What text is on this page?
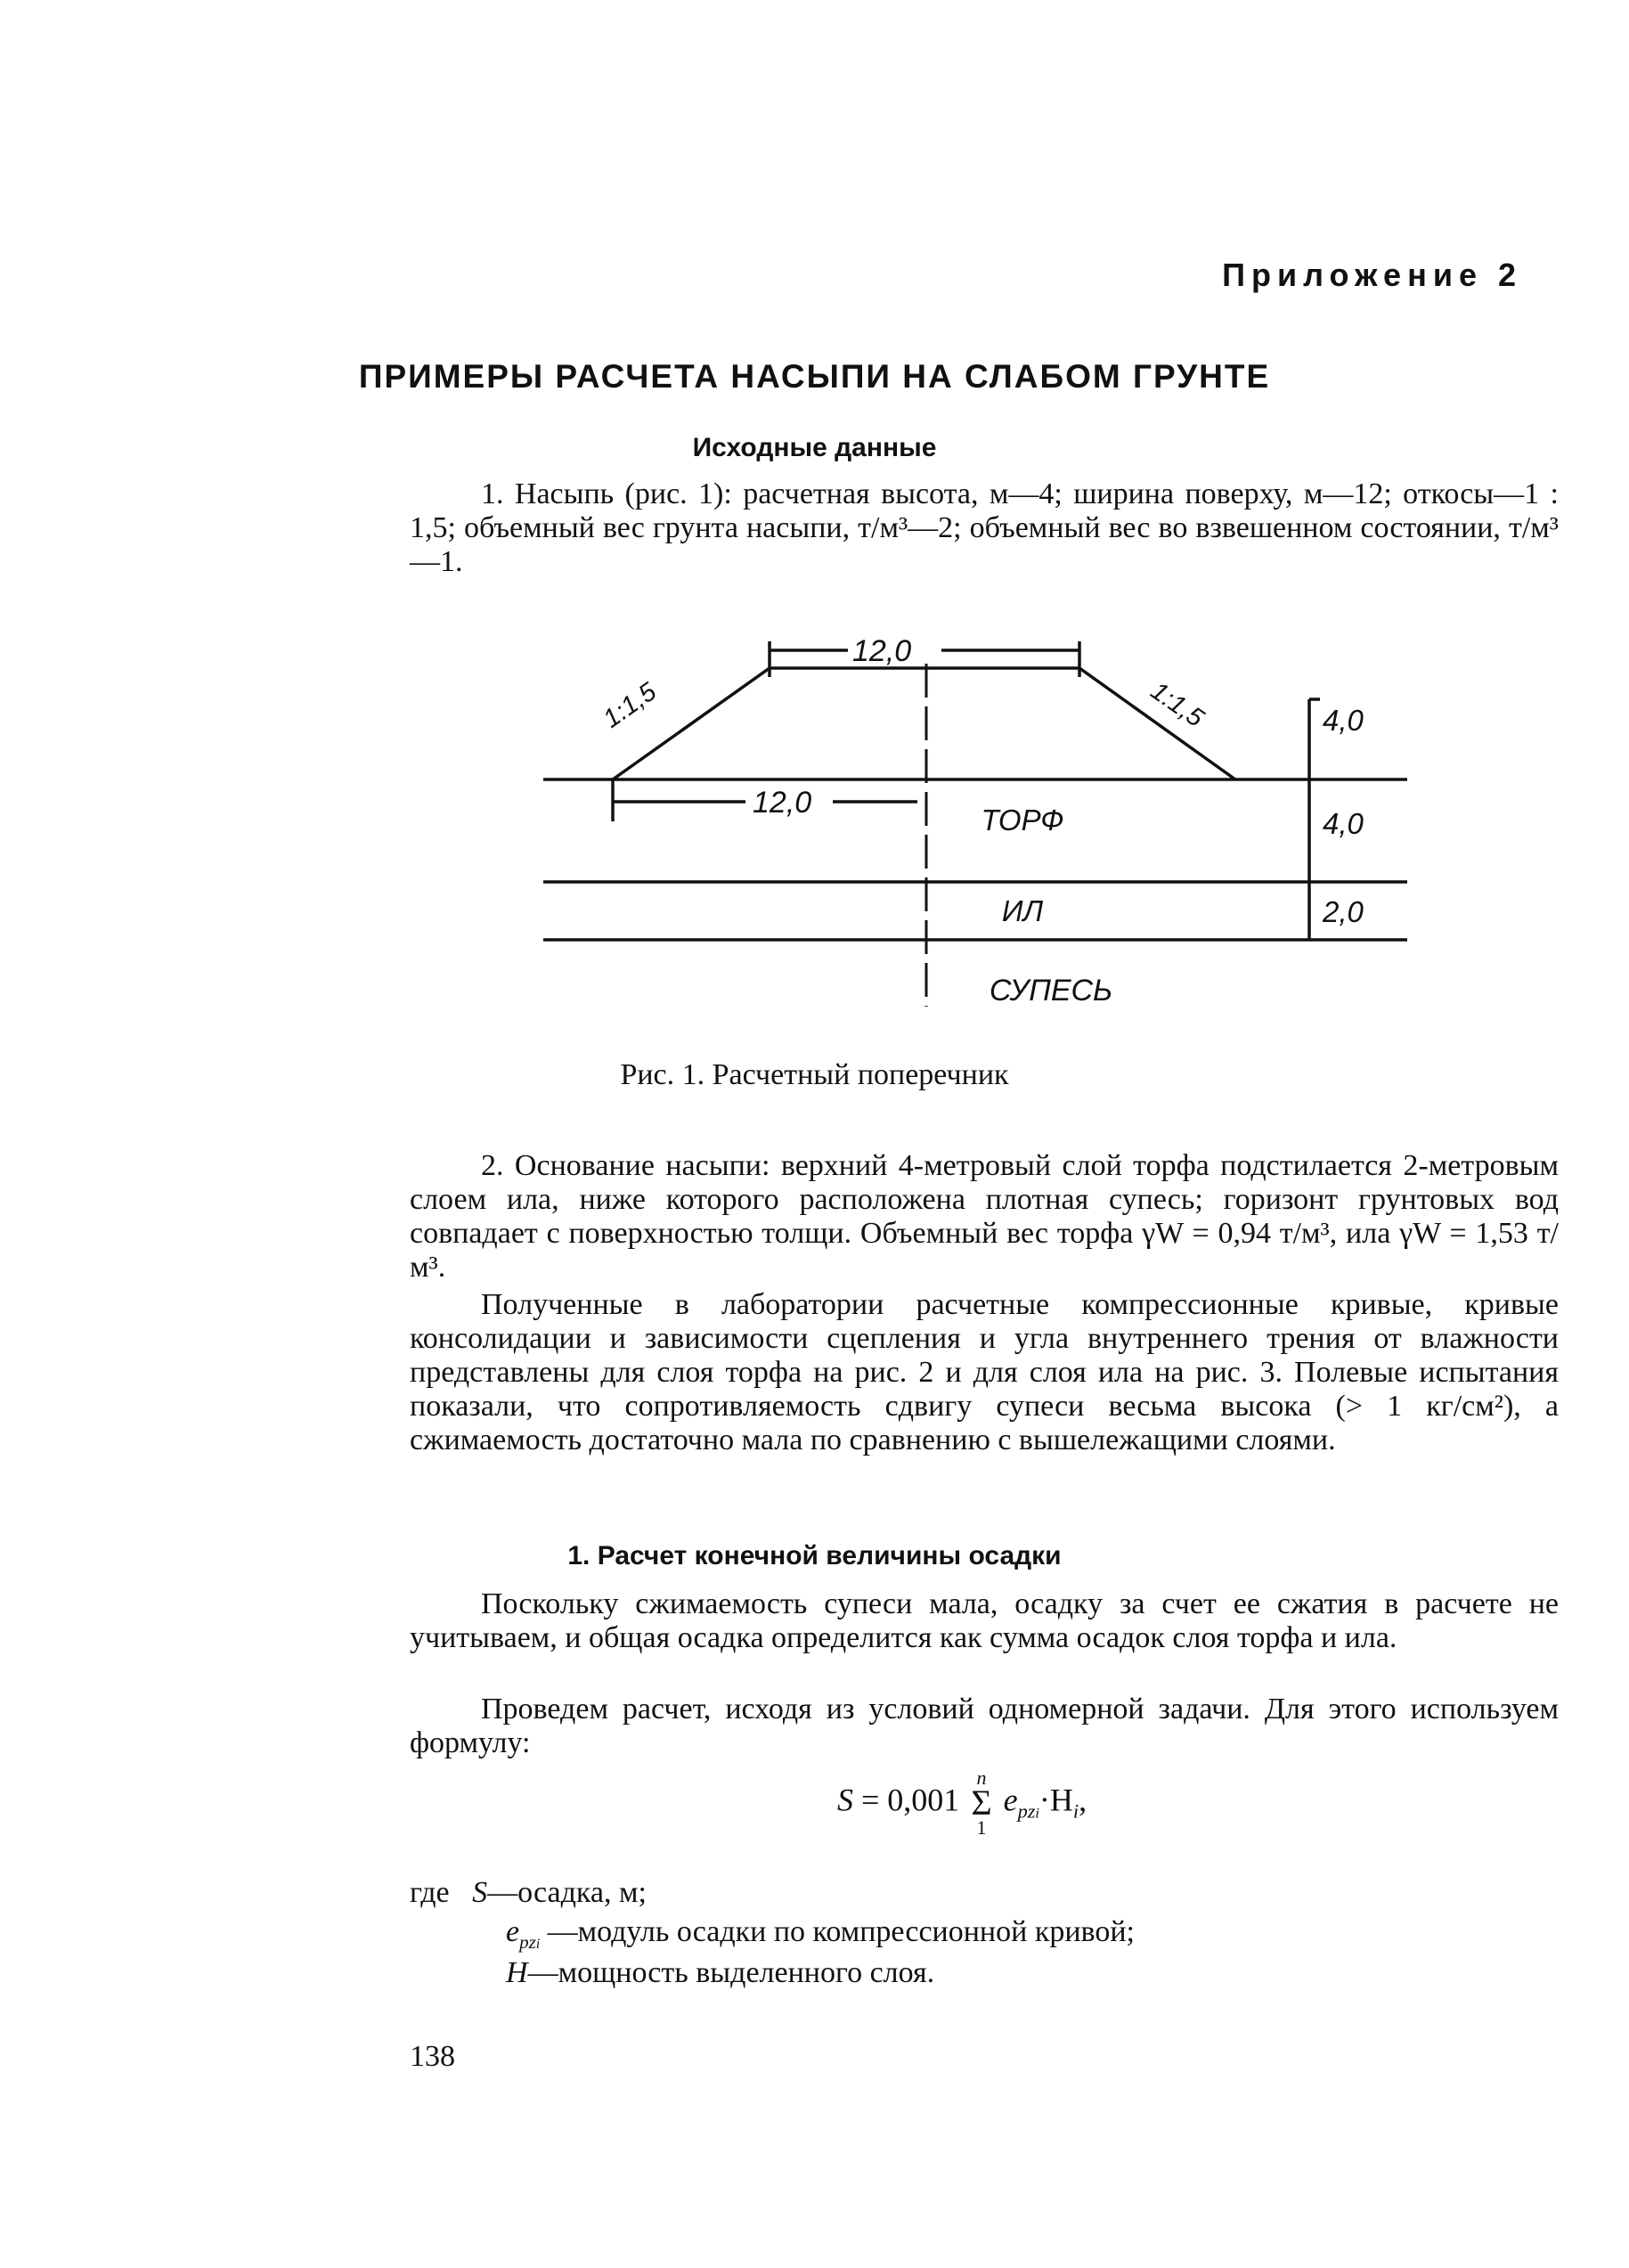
Приложение 2
ПРИМЕРЫ РАСЧЕТА НАСЫПИ НА СЛАБОМ ГРУНТЕ
Исходные данные
1. Насыпь (рис. 1): расчетная высота, м—4; ширина поверху, м—12; откосы—1 : 1,5; объемный вес грунта насыпи, т/м³—2; объемный вес во взвешенном состоянии, т/м³—1.
12,0
12,0
1:1,5	1:1,5	4,0
4,0
2,0
ТОРФ
ИЛ
СУПЕСЬ
Рис. 1. Расчетный поперечник
2. Основание насыпи: верхний 4-метровый слой торфа подстилается 2-метровым слоем ила, ниже которого расположена плотная супесь; горизонт грунтовых вод совпадает с поверхностью толщи. Объемный вес торфа γW = 0,94 т/м³, ила γW = 1,53 т/м³.
Полученные в лаборатории расчетные компрессионные кривые, кривые консолидации и зависимости сцепления и угла внутреннего трения от влажности представлены для слоя торфа на рис. 2 и для слоя ила на рис. 3. Полевые испытания показали, что сопротивляемость сдвигу супеси весьма высока (> 1 кг/см²), а сжимаемость достаточно мала по сравнению с вышележащими слоями.
1. Расчет конечной величины осадки
Поскольку сжимаемость супеси мала, осадку за счет ее сжатия в расчете не учитываем, и общая осадка определится как сумма осадок слоя торфа и ила.
Проведем расчет, исходя из условий одномерной задачи. Для этого используем формулу:
S = 0,001
n
Σ
1
$e_{pzi}\cdot H_i$,
где S—осадка, м;
$e_{pzi}$ —модуль осадки по компрессионной кривой;
H—мощность выделенного слоя.
138
